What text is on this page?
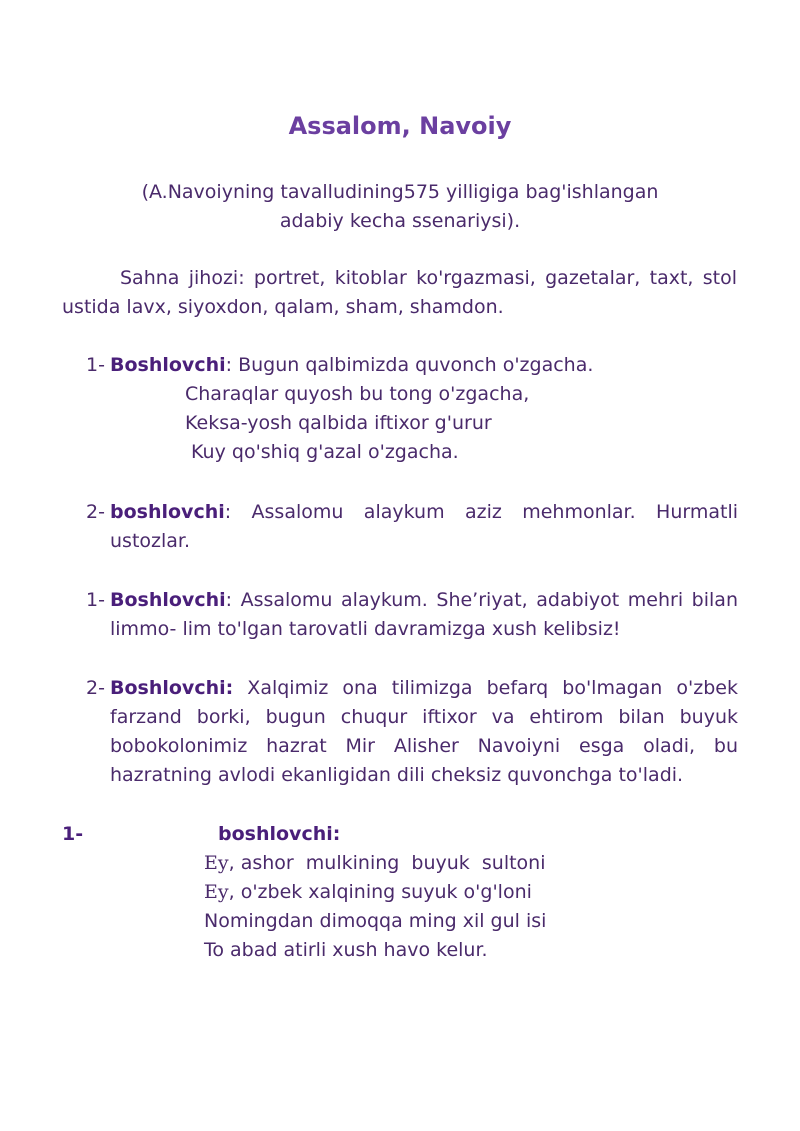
Assalom, Navoiy
(A.Navoiyning tavalludining575 yilligiga bag'ishlangan
adabiy kecha ssenariysi).
Sahna jihozi: portret, kitoblar ko'rgazmasi, gazetalar, taxt, stol ustida lavx, siyoxdon, qalam, sham, shamdon.
1- Boshlovchi: Bugun qalbimizda quvonch o'zgacha.
Charaqlar quyosh bu tong o'zgacha,
Keksa-yosh qalbida iftixor g'urur
Kuy qo'shiq g'azal o'zgacha.
2- boshlovchi: Assalomu alaykum aziz mehmonlar. Hurmatli ustozlar.
1- Boshlovchi: Assalomu alaykum. She’riyat, adabiyot mehri bilan limmo- lim to'lgan tarovatli davramizga xush kelibsiz!
2- Boshlovchi: Xalqimiz ona tilimizga befarq bo'lmagan o'zbek farzand borki, bugun chuqur iftixor va ehtirom bilan buyuk bobokolonimiz hazrat Mir Alisher Navoiyni esga oladi, bu hazratning avlodi ekanligidan dili cheksiz quvonchga to'ladi.
1-	boshlovchi:
Ey, ashor  mulkining  buyuk  sultoni
Ey, o'zbek xalqining suyuk o'g'loni
Nomingdan dimoqqa ming xil gul isi
To abad atirli xush havo kelur.
